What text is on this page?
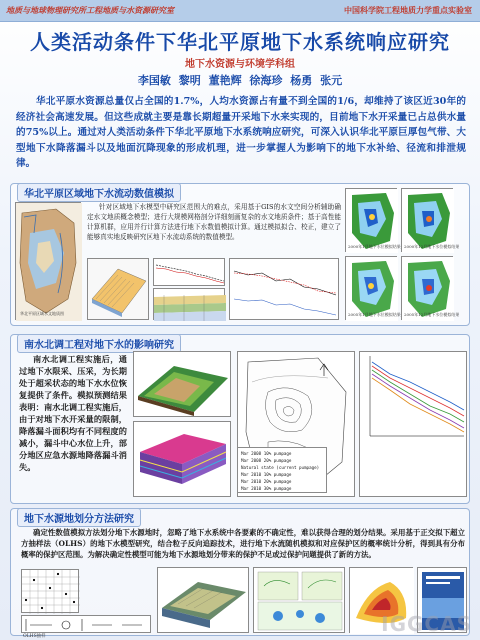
地质与地球物理研究所工程地质与水资源研究室	中国科学院工程地质力学重点实验室
人类活动条件下华北平原地下水系统响应研究
地下水资源与环境学科组
李国敏 黎明 董艳辉 徐海珍 杨勇 张元
华北平原水资源总量仅占全国的1.7%，人均水资源占有量不到全国的1/6，却维持了该区近30年的经济社会高速发展。但这些成就主要是靠长期超量开采地下水来实现的，目前地下水开采量已占总供水量的75%以上。通过对人类活动条件下华北平原地下水系统响应研究，可深入认识华北平原巨厚包气带、大型地下水降落漏斗以及地面沉降现象的形成机理，进一步掌握人为影响下的地下水补给、径流和排泄规律。
华北平原区域地下水流动数值模拟
华北平原区域水文地质图
针对区域地下水模型中研究区范围大的难点，采用基于GIS的水文空间分析辅助确定水文地质概念模型；进行大规模网格剖分详细刻画复杂的水文地质条件；基于高性能计算机群，应用并行计算方法进行地下水数值模拟计算。通过模拟拟合、校正，建立了能够真实地反映研究区地下水流动系统的数值模型。
2000年1月地下水位模拟结果 2000年12月地下水位模拟结果
2005年1月地下水位模拟结果 2005年12月地下水位模拟结果
南水北调工程对地下水的影响研究
南水北调工程实施后，通过地下水限采、压采，为长期处于超采状态的地下水水位恢复提供了条件。模拟预测结果表明：南水北调工程实施后，由于对地下水开采量的限制，降落漏斗面积均有不同程度的减小，漏斗中心水位上升，部分地区应急水源地降落漏斗消失。
Mar 2008 10% pumpage
Mar 2008 20% pumpage
Natural state (current pumpage)
Mar 2010 10% pumpage
Mar 2010 20% pumpage
Mar 2010 30% pumpage
地下水源地划分方法研究
确定性数值模拟方法划分地下水源地时，忽略了地下水系统中各要素的不确定性，难以获得合理的划分结果。采用基于正交拟下超立方抽样法（OLHS）的地下水模型研究，结合粒子反向追踪技术，进行地下水流随机模拟和对应保护区的概率统计分析，得到具有分布概率的保护区范围。为解决确定性模型可能为地下水源地划分带来的保护不足或过保护问题提供了新的方法。
OLHS抽样
IGGCAS
